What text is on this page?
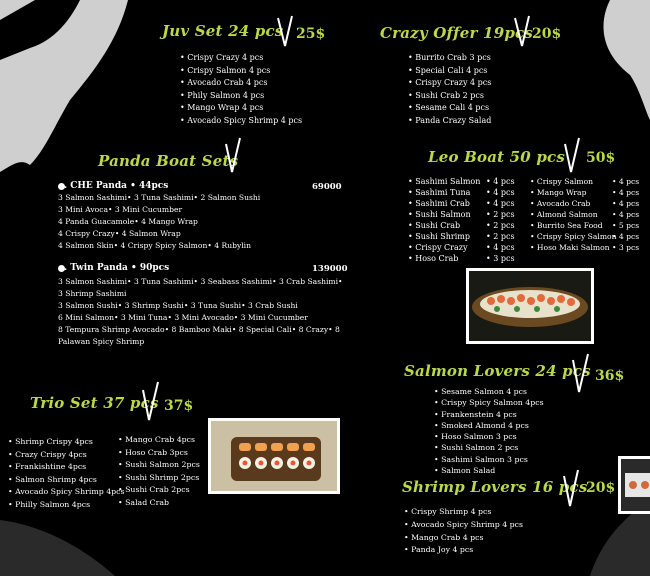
Juv Set 24 pcs 25$
• Crispy Crazy 4 pcs
• Crispy Salmon 4 pcs
• Avocado Crab 4 pcs
• Phily Salmon 4 pcs
• Mango Wrap 4 pcs
• Avocado Spicy Shrimp 4 pcs
Crazy Offer 19pcs 20$
• Burrito Crab 3 pcs
• Special Cali 4 pcs
• Crispy Crazy 4 pcs
• Sushi Crab 2 pcs
• Sesame Cali 4 pcs
• Panda Crazy Salad
Panda Boat Sets
. CHE Panda • 44pcs	69000
3 Salmon Sashimi• 3 Tuna Sashimi• 2 Salmon Sushi
3 Mini Avoca• 3 Mini Cucumber
4 Panda Guacamole• 4 Mango Wrap
4 Crispy Crazy• 4 Salmon Wrap
4 Salmon Skin• 4 Crispy Spicy Salmon• 4 Rubylin
. Twin Panda • 90pcs	139000
3 Salmon Sashimi• 3 Tuna Sashimi• 3 Seabass Sashimi• 3 Crab Sashimi•
3 Shrimp Sashimi
3 Salmon Sushi• 3 Shrimp Sushi• 3 Tuna Sushi• 3 Crab Sushi
6 Mini Salmon• 3 Mini Tuna• 3 Mini Avocado• 3 Mini Cucumber
8 Tempura Shrimp Avocado• 8 Bamboo Maki• 8 Special Cali• 8 Crazy• 8
Palawan Spicy Shrimp
Leo Boat 50 pcs 50$
• Sashimi Salmon
• Sashimi Tuna
• Sashimi Crab
• Sushi Salmon
• Sushi Crab
• Sushi Shrimp
• Crispy Crazy
• Hoso Crab
• 4 pcs
• 4 pcs
• 4 pcs
• 2 pcs
• 2 pcs
• 2 pcs
• 4 pcs
• 3 pcs
• Crispy Salmon
• Mango Wrap
• Avocado Crab
• Almond Salmon
• Burrito Sea Food
• Crispy Spicy Salmon
• Hoso Maki Salmon
• 4 pcs
• 4 pcs
• 4 pcs
• 4 pcs
• 5 pcs
• 4 pcs
• 3 pcs
Trio Set 37 pcs 37$
• Shrimp Crispy 4pcs
• Crazy Crispy 4pcs
• Frankishtine 4pcs
• Salmon Shrimp 4pcs
• Avocado Spicy Shrimp 4pcs
• Philly Salmon 4pcs
• Mango Crab 4pcs
• Hoso Crab 3pcs
• Sushi Salmon 2pcs
• Sushi Shrimp 2pcs
• Sushi Crab 2pcs
• Salad Crab
Salmon Lovers 24 pcs 36$
• Sesame Salmon 4 pcs
• Crispy Spicy Salmon 4pcs
• Frankenstein 4 pcs
• Smoked Almond 4 pcs
• Hoso Salmon 3 pcs
• Sushi Salmon 2 pcs
• Sashimi Salmon 3 pcs
• Salmon Salad
Shrimp Lovers 16 pcs
20$
• Crispy Shrimp 4 pcs
• Avocado Spicy Shrimp 4 pcs
• Mango Crab 4 pcs
• Panda Joy 4 pcs
